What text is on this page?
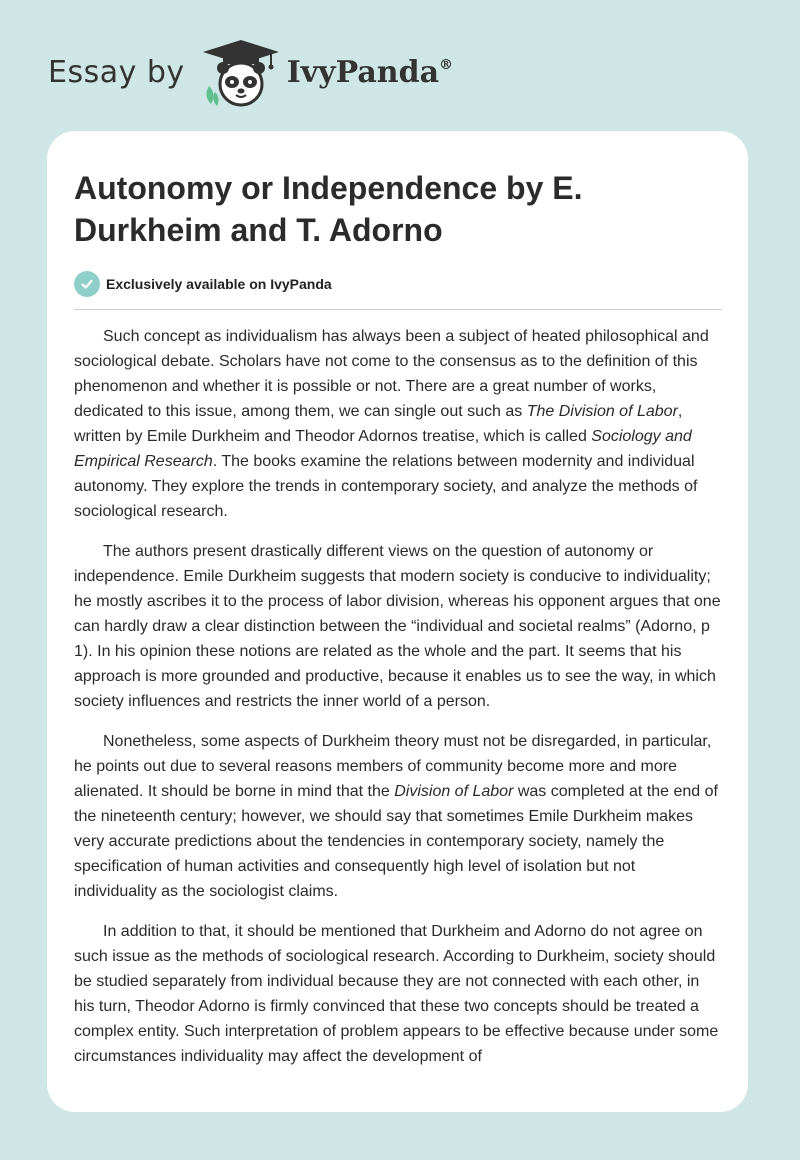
Essay by	IvyPanda®
Autonomy or Independence by E. Durkheim and T. Adorno
Exclusively available on IvyPanda

Such concept as individualism has always been a subject of heated philosophical and sociological debate. Scholars have not come to the consensus as to the definition of this phenomenon and whether it is possible or not. There are a great number of works, dedicated to this issue, among them, we can single out such as The Division of Labor, written by Emile Durkheim and Theodor Adornos treatise, which is called Sociology and Empirical Research. The books examine the relations between modernity and individual autonomy. They explore the trends in contemporary society, and analyze the methods of sociological research.

The authors present drastically different views on the question of autonomy or independence. Emile Durkheim suggests that modern society is conducive to individuality; he mostly ascribes it to the process of labor division, whereas his opponent argues that one can hardly draw a clear distinction between the “individual and societal realms” (Adorno, p 1). In his opinion these notions are related as the whole and the part. It seems that his approach is more grounded and productive, because it enables us to see the way, in which society influences and restricts the inner world of a person.

Nonetheless, some aspects of Durkheim theory must not be disregarded, in particular, he points out due to several reasons members of community become more and more alienated. It should be borne in mind that the Division of Labor was completed at the end of the nineteenth century; however, we should say that sometimes Emile Durkheim makes very accurate predictions about the tendencies in contemporary society, namely the specification of human activities and consequently high level of isolation but not individuality as the sociologist claims.

In addition to that, it should be mentioned that Durkheim and Adorno do not agree on such issue as the methods of sociological research. According to Durkheim, society should be studied separately from individual because they are not connected with each other, in his turn, Theodor Adorno is firmly convinced that these two concepts should be treated a complex entity. Such interpretation of problem appears to be effective because under some circumstances individuality may affect the development of
